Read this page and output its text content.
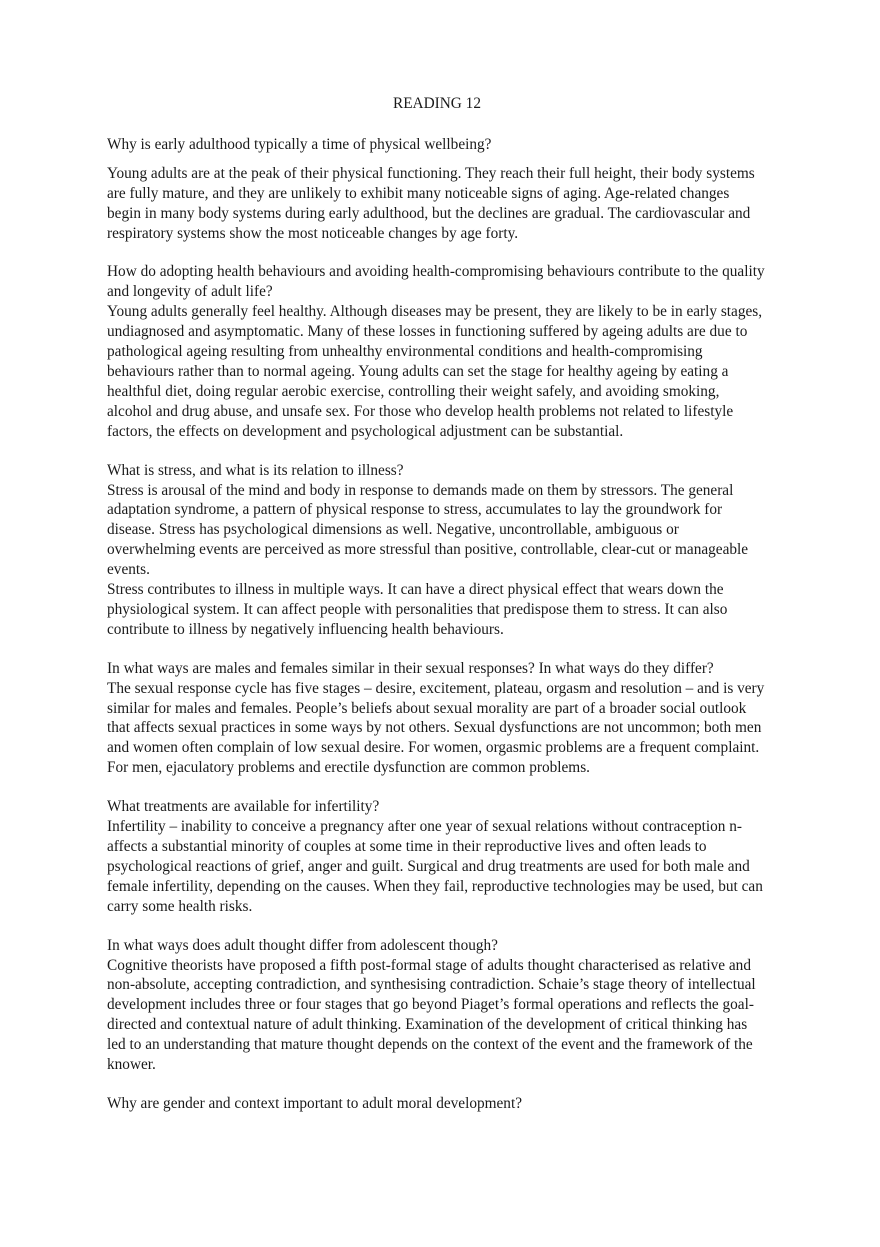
READING 12

Why is early adulthood typically a time of physical wellbeing?

Young adults are at the peak of their physical functioning. They reach their full height, their body systems are fully mature, and they are unlikely to exhibit many noticeable signs of aging. Age-related changes begin in many body systems during early adulthood, but the declines are gradual. The cardiovascular and respiratory systems show the most noticeable changes by age forty.

How do adopting health behaviours and avoiding health-compromising behaviours contribute to the quality and longevity of adult life?

Young adults generally feel healthy. Although diseases may be present, they are likely to be in early stages, undiagnosed and asymptomatic. Many of these losses in functioning suffered by ageing adults are due to pathological ageing resulting from unhealthy environmental conditions and health-compromising behaviours rather than to normal ageing. Young adults can set the stage for healthy ageing by eating a healthful diet, doing regular aerobic exercise, controlling their weight safely, and avoiding smoking, alcohol and drug abuse, and unsafe sex. For those who develop health problems not related to lifestyle factors, the effects on development and psychological adjustment can be substantial.

What is stress, and what is its relation to illness?

Stress is arousal of the mind and body in response to demands made on them by stressors. The general adaptation syndrome, a pattern of physical response to stress, accumulates to lay the groundwork for disease. Stress has psychological dimensions as well. Negative, uncontrollable, ambiguous or overwhelming events are perceived as more stressful than positive, controllable, clear-cut or manageable events.

Stress contributes to illness in multiple ways. It can have a direct physical effect that wears down the physiological system. It can affect people with personalities that predispose them to stress. It can also contribute to illness by negatively influencing health behaviours.

In what ways are males and females similar in their sexual responses? In what ways do they differ?

The sexual response cycle has five stages – desire, excitement, plateau, orgasm and resolution – and is very similar for males and females. People’s beliefs about sexual morality are part of a broader social outlook that affects sexual practices in some ways by not others. Sexual dysfunctions are not uncommon; both men and women often complain of low sexual desire. For women, orgasmic problems are a frequent complaint. For men, ejaculatory problems and erectile dysfunction are common problems.

What treatments are available for infertility?

Infertility – inability to conceive a pregnancy after one year of sexual relations without contraception n- affects a substantial minority of couples at some time in their reproductive lives and often leads to psychological reactions of grief, anger and guilt. Surgical and drug treatments are used for both male and female infertility, depending on the causes. When they fail, reproductive technologies may be used, but can carry some health risks.

In what ways does adult thought differ from adolescent though?

Cognitive theorists have proposed a fifth post-formal stage of adults thought characterised as relative and non-absolute, accepting contradiction, and synthesising contradiction. Schaie’s stage theory of intellectual development includes three or four stages that go beyond Piaget’s formal operations and reflects the goal-directed and contextual nature of adult thinking. Examination of the development of critical thinking has led to an understanding that mature thought depends on the context of the event and the framework of the knower.

Why are gender and context important to adult moral development?
